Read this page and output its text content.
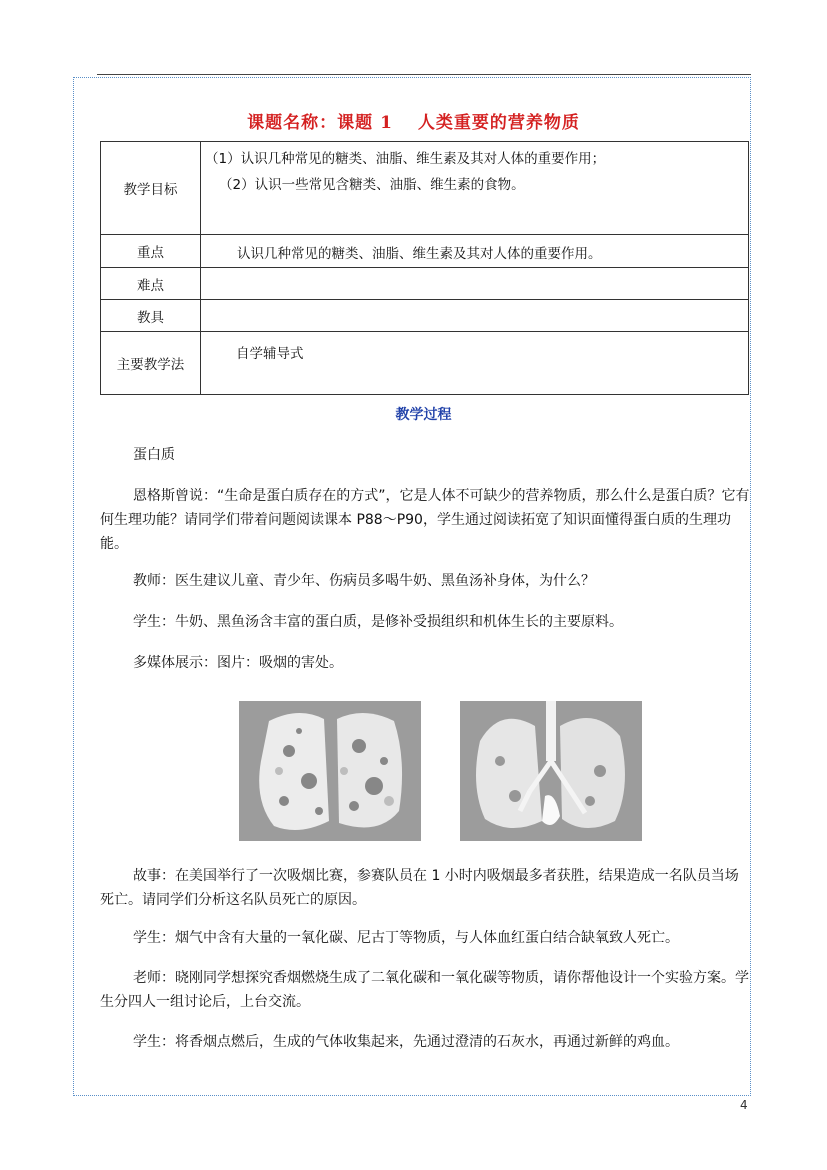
课题名称：课题 1　 人类重要的营养物质
教学目标	（1）认识几种常见的糖类、油脂、维生素及其对人体的重要作用；
（2）认识一些常见含糖类、油脂、维生素的食物。

重点	认识几种常见的糖类、油脂、维生素及其对人体的重要作用。
难点	
教具	
主要教学法	自学辅导式
教学过程

蛋白质

恩格斯曾说：“生命是蛋白质存在的方式”，它是人体不可缺少的营养物质，那么什么是蛋白质？它有何生理功能？请同学们带着问题阅读课本 P88～P90，学生通过阅读拓宽了知识面懂得蛋白质的生理功能。

教师：医生建议儿童、青少年、伤病员多喝牛奶、黑鱼汤补身体，为什么？

学生：牛奶、黑鱼汤含丰富的蛋白质，是修补受损组织和机体生长的主要原料。

多媒体展示：图片：吸烟的害处。

故事：在美国举行了一次吸烟比赛，参赛队员在 1 小时内吸烟最多者获胜，结果造成一名队员当场死亡。请同学们分析这名队员死亡的原因。

学生：烟气中含有大量的一氧化碳、尼古丁等物质，与人体血红蛋白结合缺氧致人死亡。

老师：晓刚同学想探究香烟燃烧生成了二氧化碳和一氧化碳等物质，请你帮他设计一个实验方案。学生分四人一组讨论后，上台交流。

学生：将香烟点燃后，生成的气体收集起来，先通过澄清的石灰水，再通过新鲜的鸡血。

4
